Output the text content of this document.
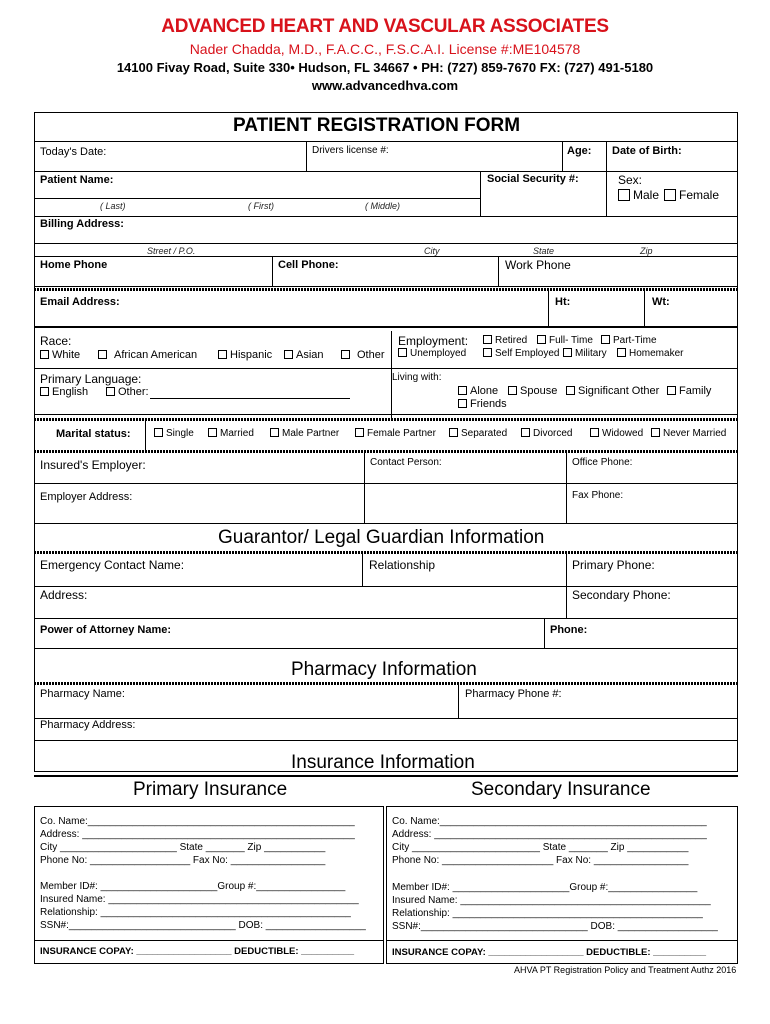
ADVANCED HEART AND VASCULAR ASSOCIATES
Nader Chadda, M.D., F.A.C.C., F.S.C.A.I. License #:ME104578
14100 Fivay Road, Suite 330• Hudson, FL 34667 • PH: (727) 859-7670 FX: (727) 491-5180
www.advancedhva.com
PATIENT REGISTRATION FORM
Today's Date:	Drivers license #:	Age: Date of Birth:
Patient Name:	Social Security #:	Sex:
Male	Female
( Last)	( First)	( Middle)
Billing Address:
Street / P.O.	City	State	Zip
Home Phone	Cell Phone:	Work Phone
Email Address:	Ht:	Wt:
Race:
White	African American	Hispanic	Asian	Other
Employment:	Retired	Full- Time	Part-Time
Unemployed	Self Employed	Military	Homemaker
Primary Language:
English	Other:
Living with:
Alone	Spouse	Significant Other	Family
Friends
Marital status:	Single	Married	Male Partner	Female Partner	Separated	Divorced	Widowed	Never Married
Insured's Employer:	Contact Person:	Office Phone:
Employer Address:	Fax Phone:
Guarantor/ Legal Guardian Information
Emergency Contact Name:	Relationship	Primary Phone:
Address:	Secondary Phone:
Power of Attorney Name:	Phone:
Pharmacy Information
Pharmacy Name:	Pharmacy Phone #:
Pharmacy Address:
Insurance Information
Primary Insurance	Secondary Insurance
Co. Name:________________________________________________
Address: _________________________________________________
City _____________________ State _______ Zip ___________
Phone No: __________________ Fax No: _________________
Member ID#: _____________________Group #:________________
Insured Name: _____________________________________________
Relationship: _____________________________________________
SSN#:______________________________ DOB: __________________
INSURANCE COPAY: __________________ DEDUCTIBLE: __________
Co. Name:________________________________________________
Address: _________________________________________________
City _______________________ State _______ Zip ___________
Phone No: ____________________ Fax No: _________________
Member ID#: _____________________Group #:________________
Insured Name: _____________________________________________
Relationship: _____________________________________________
SSN#:______________________________ DOB: __________________
INSURANCE COPAY: __________________ DEDUCTIBLE: __________
AHVA PT Registration Policy and Treatment Authz 2016
